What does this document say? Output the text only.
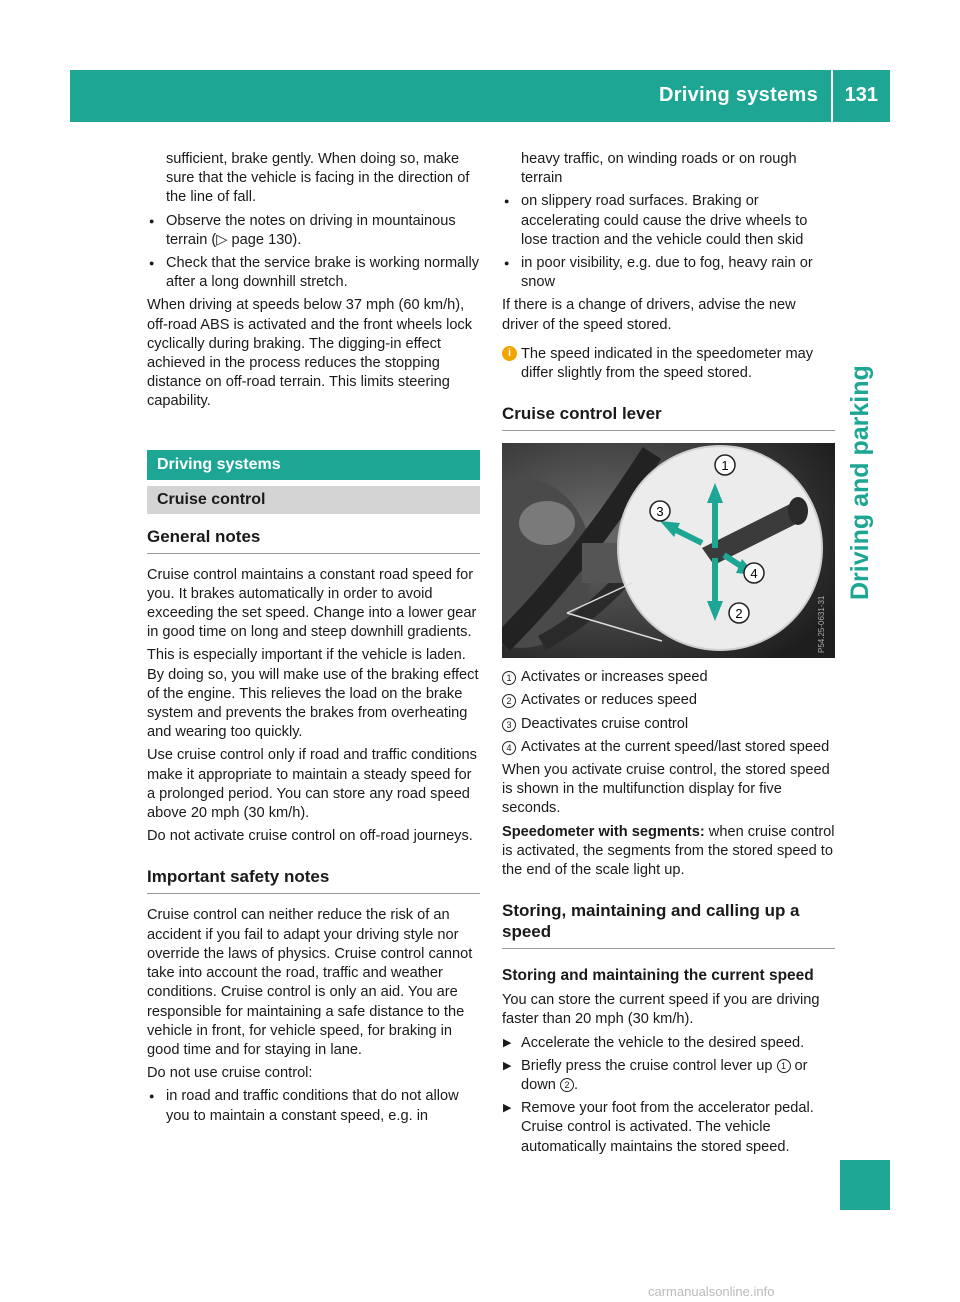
Driving systems 131
Driving and parking

sufficient, brake gently. When doing so, make sure that the vehicle is facing in the direction of the line of fall.

● Observe the notes on driving in mountainous terrain (▷ page 130).
● Check that the service brake is working normally after a long downhill stretch.

When driving at speeds below 37 mph (60 km/h), off-road ABS is activated and the front wheels lock cyclically during braking. The digging-in effect achieved in the process reduces the stopping distance on off-road terrain. This limits steering capability.

Driving systems
Cruise control
General notes

Cruise control maintains a constant road speed for you. It brakes automatically in order to avoid exceeding the set speed. Change into a lower gear in good time on long and steep downhill gradients.

This is especially important if the vehicle is laden. By doing so, you will make use of the braking effect of the engine. This relieves the load on the brake system and prevents the brakes from overheating and wearing too quickly.

Use cruise control only if road and traffic conditions make it appropriate to maintain a steady speed for a prolonged period. You can store any road speed above 20 mph (30 km/h).

Do not activate cruise control on off-road journeys.

Important safety notes

Cruise control can neither reduce the risk of an accident if you fail to adapt your driving style nor override the laws of physics. Cruise control cannot take into account the road, traffic and weather conditions. Cruise control is only an aid. You are responsible for maintaining a safe distance to the vehicle in front, for vehicle speed, for braking in good time and for staying in lane.

Do not use cruise control:

● in road and traffic conditions that do not allow you to maintain a constant speed, e.g. in

heavy traffic, on winding roads or on rough terrain

● on slippery road surfaces. Braking or accelerating could cause the drive wheels to lose traction and the vehicle could then skid
● in poor visibility, e.g. due to fog, heavy rain or snow

If there is a change of drivers, advise the new driver of the speed stored.

i The speed indicated in the speedometer may differ slightly from the speed stored.
Cruise control lever
1
2
3
4
P54.25-0631-31
1 Activates or increases speed
2 Activates or reduces speed
3 Deactivates cruise control
4 Activates at the current speed/last stored speed

When you activate cruise control, the stored speed is shown in the multifunction display for five seconds.

Speedometer with segments: when cruise control is activated, the segments from the stored speed to the end of the scale light up.

Storing, maintaining and calling up a speed
Storing and maintaining the current speed

You can store the current speed if you are driving faster than 20 mph (30 km/h).

▶ Accelerate the vehicle to the desired speed.
▶ Briefly press the cruise control lever up 1 or down 2 .
▶ Remove your foot from the accelerator pedal. Cruise control is activated. The vehicle automatically maintains the stored speed.
carmanualsonline.info
